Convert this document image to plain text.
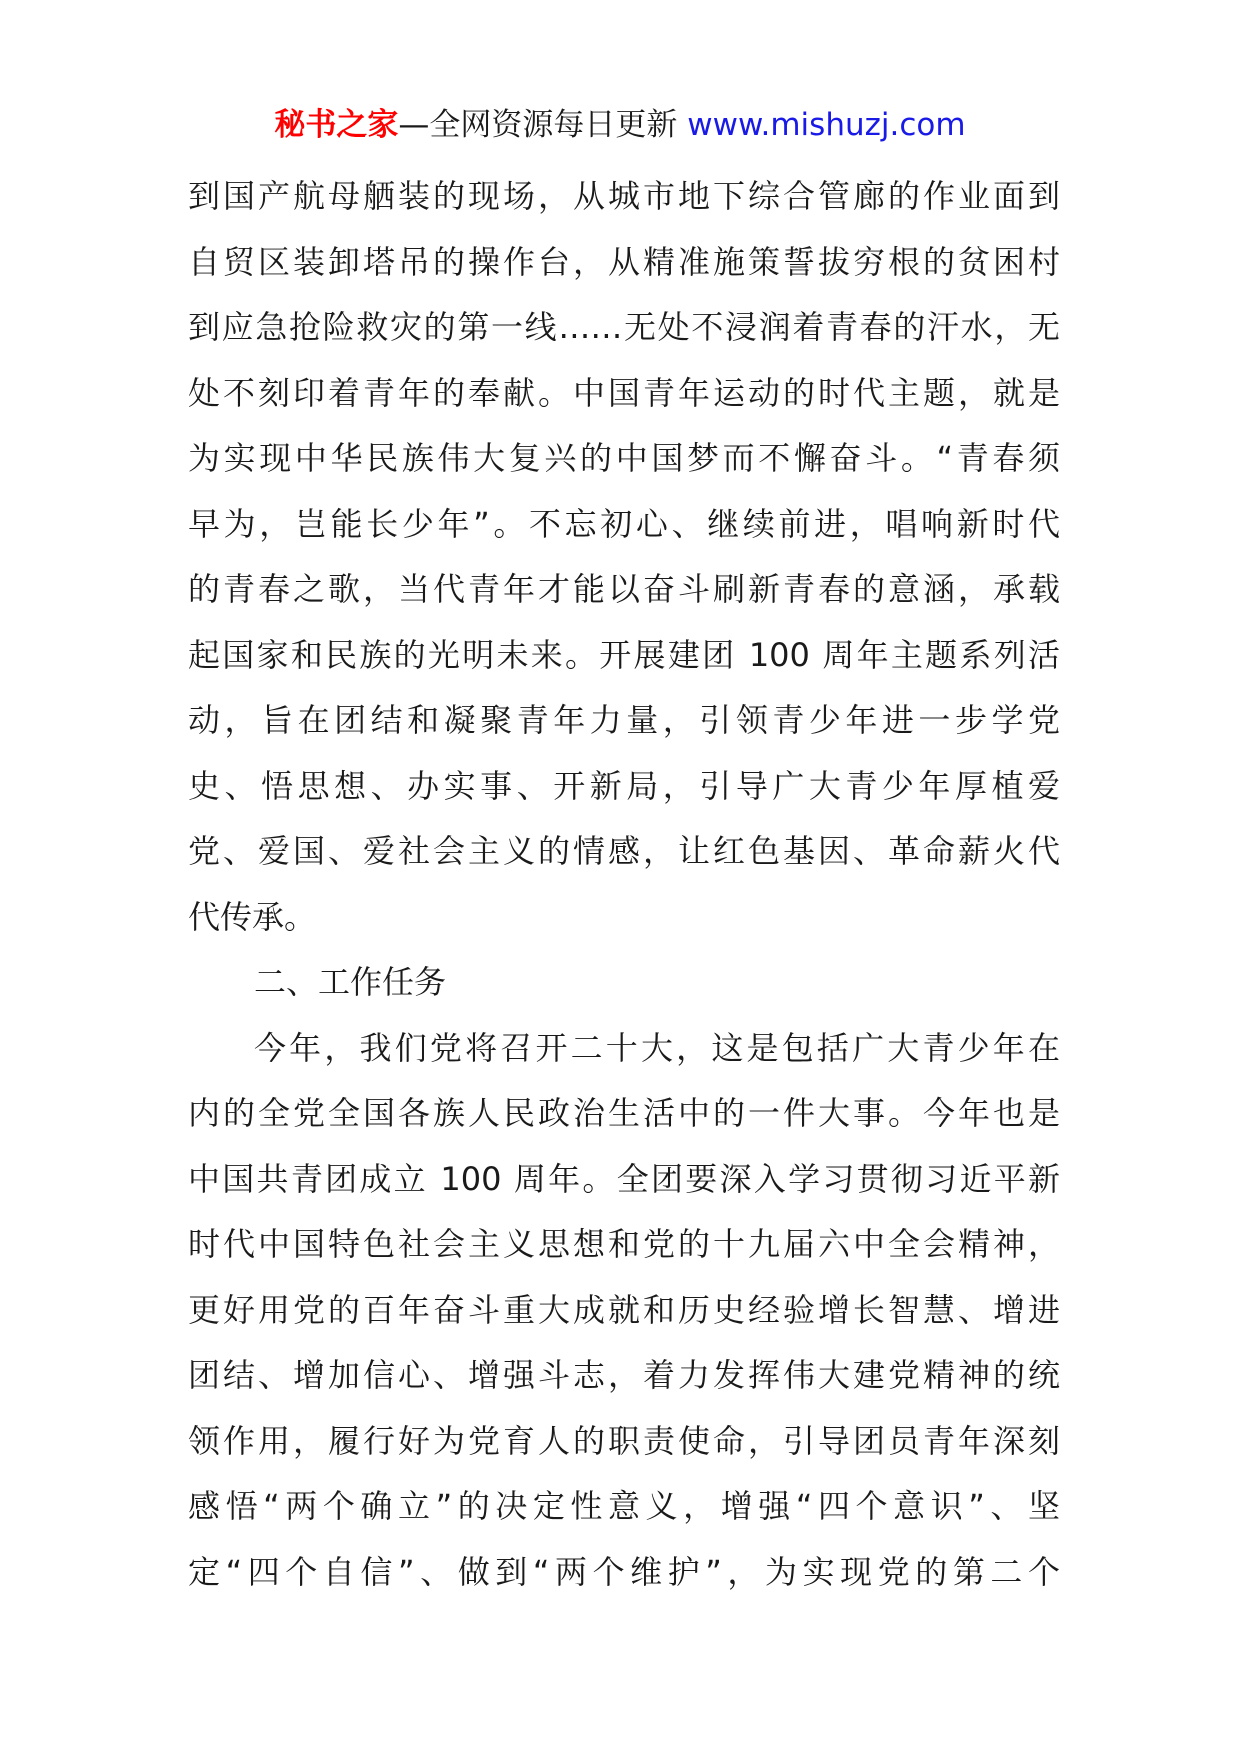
秘书之家—全网资源每日更新 www.mishuzj.com
到国产航母舾装的现场，从城市地下综合管廊的作业面到
自贸区装卸塔吊的操作台，从精准施策誓拔穷根的贫困村
到应急抢险救灾的第一线……无处不浸润着青春的汗水，无
处不刻印着青年的奉献。中国青年运动的时代主题，就是
为实现中华民族伟大复兴的中国梦而不懈奋斗。“青春须
早为，岂能长少年”。不忘初心、继续前进，唱响新时代
的青春之歌，当代青年才能以奋斗刷新青春的意涵，承载
起国家和民族的光明未来。开展建团 100 周年主题系列活
动，旨在团结和凝聚青年力量，引领青少年进一步学党
史、悟思想、办实事、开新局，引导广大青少年厚植爱
党、爱国、爱社会主义的情感，让红色基因、革命薪火代
代传承。
二、工作任务
今年，我们党将召开二十大，这是包括广大青少年在
内的全党全国各族人民政治生活中的一件大事。今年也是
中国共青团成立 100 周年。全团要深入学习贯彻习近平新
时代中国特色社会主义思想和党的十九届六中全会精神，
更好用党的百年奋斗重大成就和历史经验增长智慧、增进
团结、增加信心、增强斗志，着力发挥伟大建党精神的统
领作用，履行好为党育人的职责使命，引导团员青年深刻
感悟“两个确立”的决定性意义，增强“四个意识”、坚
定“四个自信”、做到“两个维护”，为实现党的第二个
